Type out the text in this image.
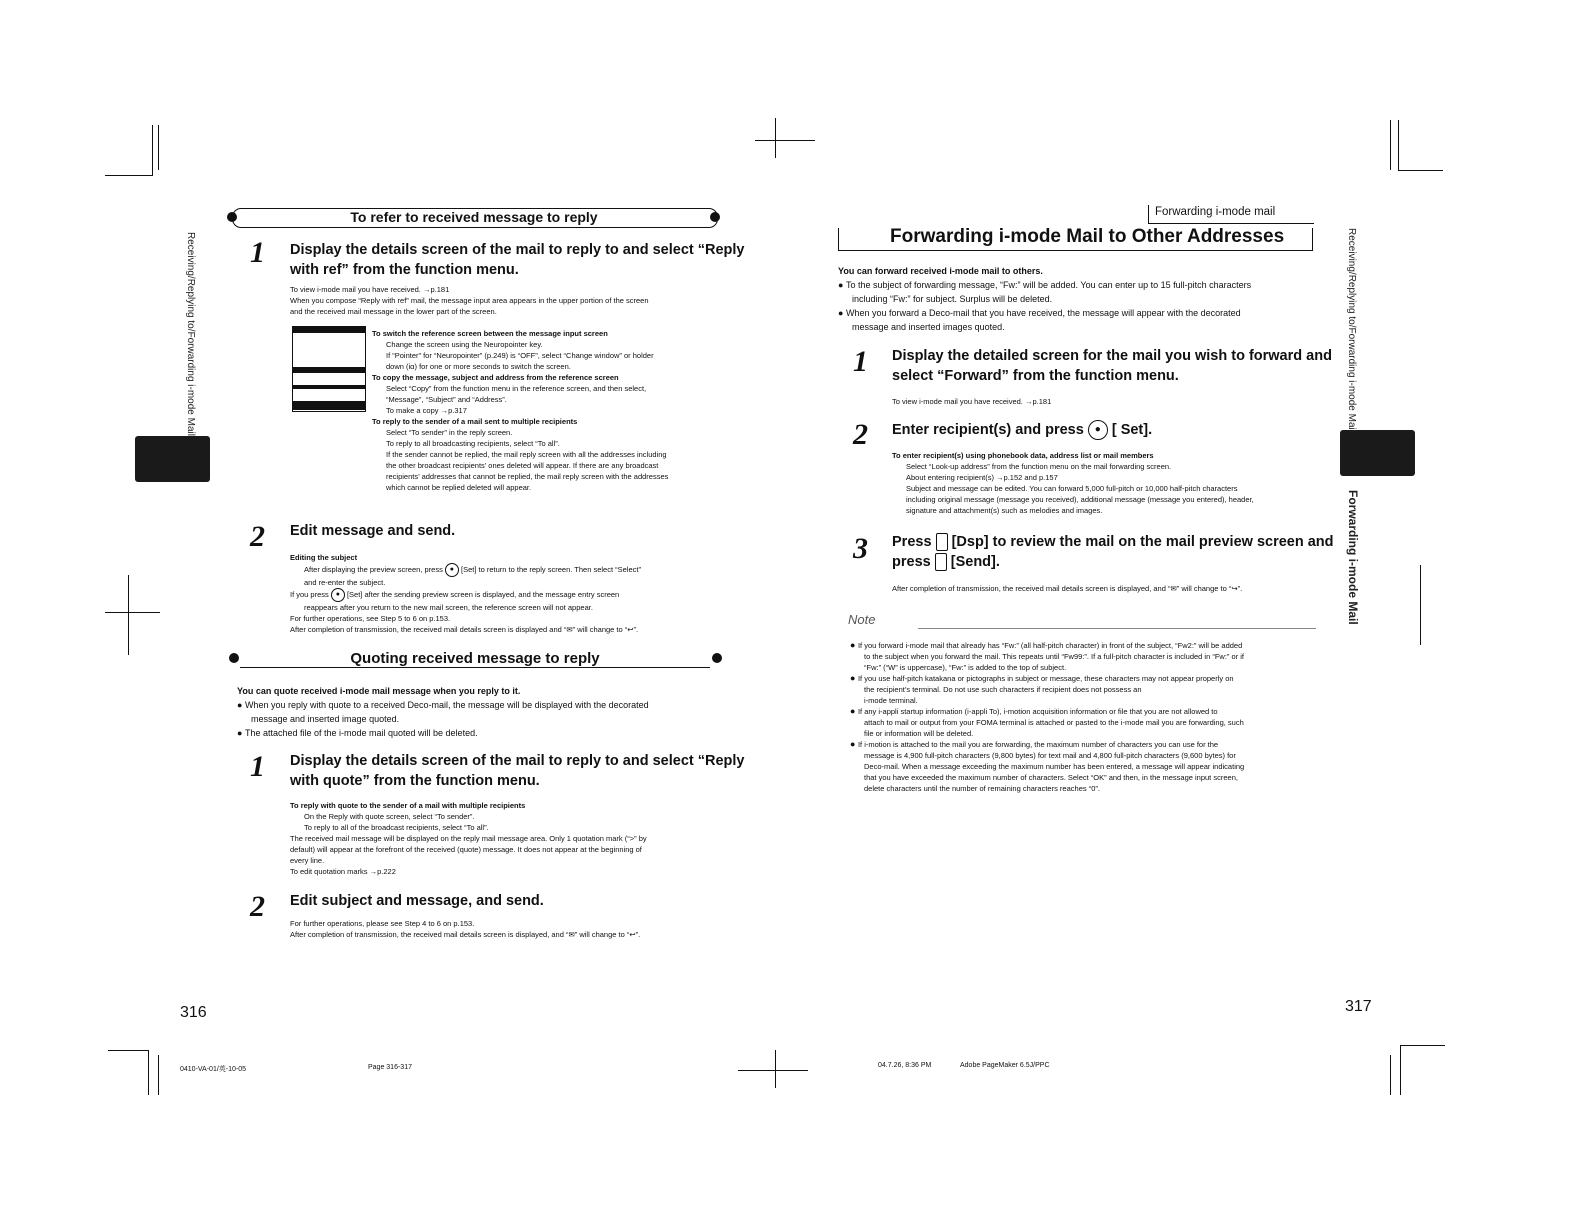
Receiving/Replying to/Forwarding i-mode Mail	Receiving/Replying to/Forwarding i-mode Mail
Forwarding i-mode Mail
To refer to received message to reply
1 Display the details screen of the mail to reply to and select “Reply
with ref” from the function menu.
To view i-mode mail you have received. →p.181
When you compose “Reply with ref” mail, the message input area appears in the upper portion of the screen
and the received mail message in the lower part of the screen.
To switch the reference screen between the message input screen
Change the screen using the Neuropointer key.
If “Pointer” for “Neuropointer” (p.249) is “OFF”, select “Change window” or holder
down (iα) for one or more seconds to switch the screen.
To copy the message, subject and address from the reference screen
Select “Copy” from the function menu in the reference screen, and then select,
“Message”, “Subject” and “Address”.
To make a copy →p.317
To reply to the sender of a mail sent to multiple recipients
Select “To sender” in the reply screen.
To reply to all broadcasting recipients, select “To all”.
If the sender cannot be replied, the mail reply screen with all the addresses including
the other broadcast recipients’ ones deleted will appear. If there are any broadcast
recipients’ addresses that cannot be replied, the mail reply screen with the addresses
which cannot be replied deleted will appear.
2 Edit message and send.
Editing the subject
After displaying the preview screen, press ● [Set] to return to the reply screen. Then select “Select”
and re-enter the subject.
If you press ● [Set] after the sending preview screen is displayed, and the message entry screen
reappears after you return to the new mail screen, the reference screen will not appear.
For further operations, see Step 5 to 6 on p.153.
After completion of transmission, the received mail details screen is displayed and “✉” will change to “↩”.
Quoting received message to reply
You can quote received i-mode mail message when you reply to it.
● When you reply with quote to a received Deco-mail, the message will be displayed with the decorated
message and inserted image quoted.
● The attached file of the i-mode mail quoted will be deleted.
1 Display the details screen of the mail to reply to and select “Reply
with quote” from the function menu.
To reply with quote to the sender of a mail with multiple recipients
On the Reply with quote screen, select “To sender”.
To reply to all of the broadcast recipients, select “To all”.
The received mail message will be displayed on the reply mail message area. Only 1 quotation mark (“>” by
default) will appear at the forefront of the received (quote) message. It does not appear at the beginning of
every line.
To edit quotation marks →p.222
2 Edit subject and message, and send.
For further operations, please see Step 4 to 6 on p.153.
After completion of transmission, the received mail details screen is displayed, and “✉” will change to “↩”.
316
0410-VA-01/英-10-05	Page 316-317
Forwarding i-mode mail
Forwarding i-mode Mail to Other Addresses
You can forward received i-mode mail to others.
● To the subject of forwarding message, “Fw:” will be added. You can enter up to 15 full-pitch characters
including “Fw:” for subject. Surplus will be deleted.
● When you forward a Deco-mail that you have received, the message will appear with the decorated
message and inserted images quoted.
1 Display the detailed screen for the mail you wish to forward and
select “Forward” from the function menu.
To view i-mode mail you have received. →p.181
2 Enter recipient(s) and press ● [ Set].
To enter recipient(s) using phonebook data, address list or mail members
Select “Look-up address” from the function menu on the mail forwarding screen.
About entering recipient(s) →p.152 and p.157
Subject and message can be edited. You can forward 5,000 full-pitch or 10,000 half-pitch characters
including original message (message you received), additional message (message you entered), header,
signature and attachment(s) such as melodies and images.
3 Press [Dsp] to review the mail on the mail preview screen and
press [Send].
After completion of transmission, the received mail details screen is displayed, and “✉” will change to “↪”.
Note
● If you forward i-mode mail that already has “Fw:” (all half-pitch character) in front of the subject, “Fw2:” will be added
to the subject when you forward the mail. This repeats until “Fw99:”. If a full-pitch character is included in “Fw:” or if
“Fw:” (“W” is uppercase), “Fw:” is added to the top of subject.
● If you use half-pitch katakana or pictographs in subject or message, these characters may not appear properly on
the recipient’s terminal. Do not use such characters if recipient does not possess an
i-mode terminal.
● If any i-appli startup information (i-appli To), i-motion acquisition information or file that you are not allowed to
attach to mail or output from your FOMA terminal is attached or pasted to the i-mode mail you are forwarding, such
file or information will be deleted.
● If i-motion is attached to the mail you are forwarding, the maximum number of characters you can use for the
message is 4,900 full-pitch characters (9,800 bytes) for text mail and 4,800 full-pitch characters (9,600 bytes) for
Deco-mail. When a message exceeding the maximum number has been entered, a message will appear indicating
that you have exceeded the maximum number of characters. Select “OK” and then, in the message input screen,
delete characters until the number of remaining characters reaches “0”.
317
04.7.26, 8:36 PM	Adobe PageMaker 6.5J/PPC
